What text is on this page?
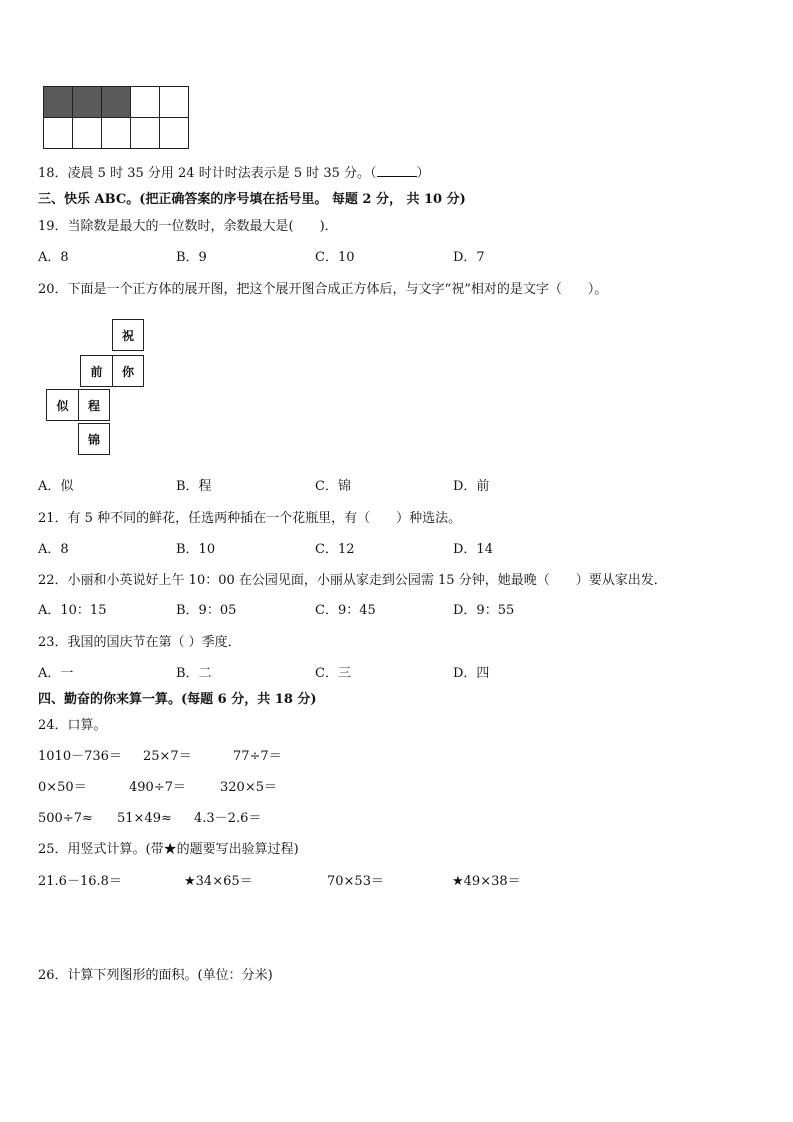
18．凌晨 5 时 35 分用 24 时计时法表示是 5 时 35 分。（	）
三、快乐 ABC。(把正确答案的序号填在括号里。 每题 2 分， 共 10 分)
19．当除数是最大的一位数时，余数最大是(　　)．
A．8	B．9	C．10	D．7
20．下面是一个正方体的展开图，把这个展开图合成正方体后，与文字“祝”相对的是文字（　　）。
祝
前	你
似	程
锦
A．似	B．程	C．锦	D．前
21．有 5 种不同的鲜花，任选两种插在一个花瓶里，有（　　）种选法。
A．8	B．10	C．12	D．14
22．小丽和小英说好上午 10：00 在公园见面，小丽从家走到公园需 15 分钟，她最晚（　　）要从家出发．
A．10：15	B．9：05	C．9：45	D．9：55
23．我国的国庆节在第（ ）季度．
A．一	B．二	C．三	D．四
四、勤奋的你来算一算。(每题 6 分，共 18 分)
24．口算。
1010－736＝ 25×7＝	77÷7＝
0×50＝	490÷7＝	320×5＝
500÷7≈ 51×49≈ 4.3－2.6＝
25．用竖式计算。(带★的题要写出验算过程)
21.6－16.8＝	★34×65＝	70×53＝	★49×38＝
26．计算下列图形的面积。(单位：分米)
